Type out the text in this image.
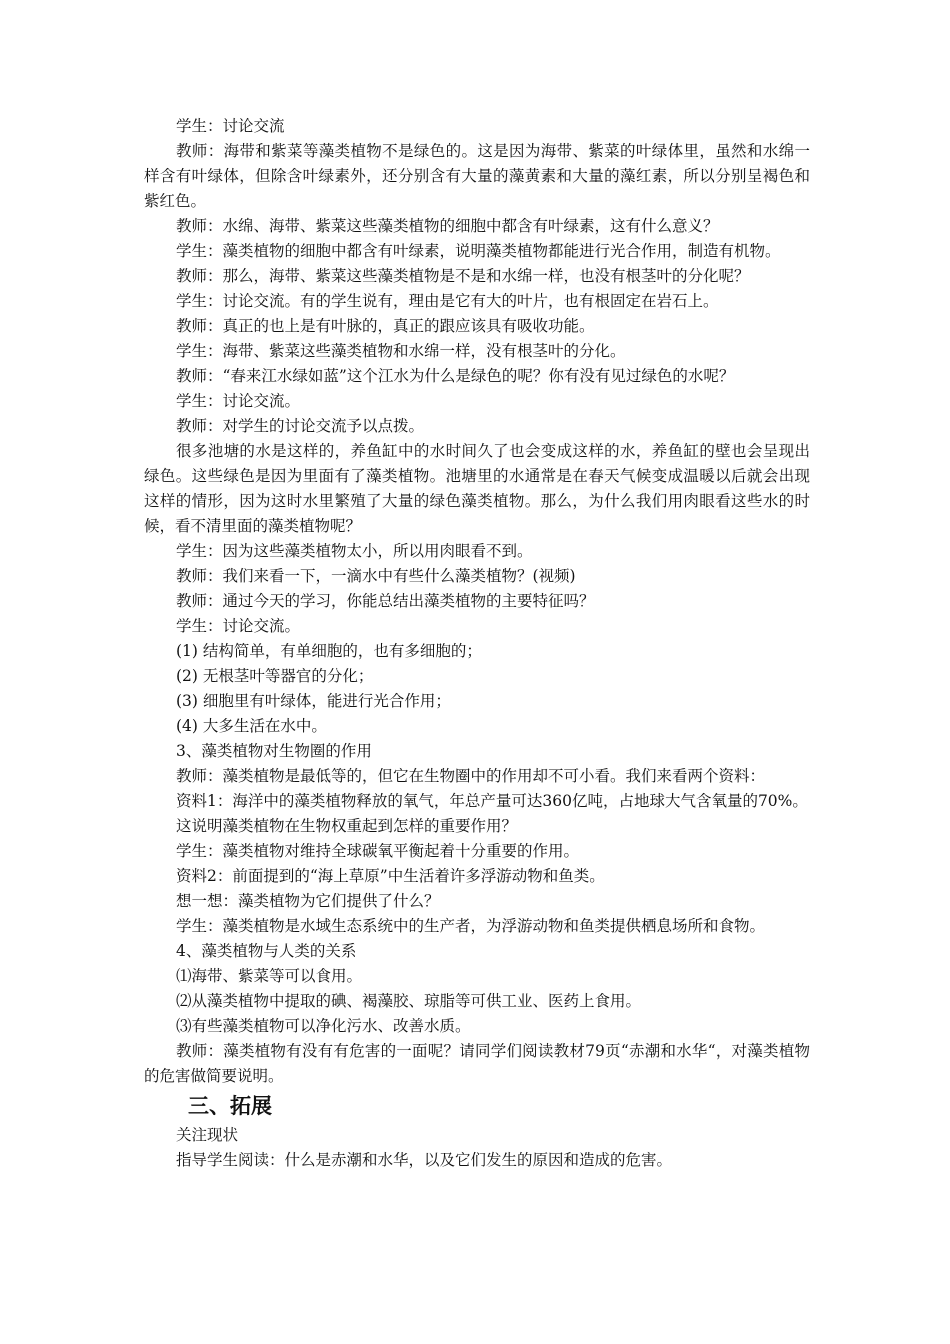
学生：讨论交流

教师：海带和紫菜等藻类植物不是绿色的。这是因为海带、紫菜的叶绿体里，虽然和水绵一样含有叶绿体，但除含叶绿素外，还分别含有大量的藻黄素和大量的藻红素，所以分别呈褐色和紫红色。

教师：水绵、海带、紫菜这些藻类植物的细胞中都含有叶绿素，这有什么意义？

学生：藻类植物的细胞中都含有叶绿素，说明藻类植物都能进行光合作用，制造有机物。

教师：那么，海带、紫菜这些藻类植物是不是和水绵一样，也没有根茎叶的分化呢？

学生：讨论交流。有的学生说有，理由是它有大的叶片，也有根固定在岩石上。

教师：真正的也上是有叶脉的，真正的跟应该具有吸收功能。

学生：海带、紫菜这些藻类植物和水绵一样，没有根茎叶的分化。

教师：“春来江水绿如蓝”这个江水为什么是绿色的呢？你有没有见过绿色的水呢？

学生：讨论交流。

教师：对学生的讨论交流予以点拨。

很多池塘的水是这样的，养鱼缸中的水时间久了也会变成这样的水，养鱼缸的壁也会呈现出绿色。这些绿色是因为里面有了藻类植物。池塘里的水通常是在春天气候变成温暖以后就会出现这样的情形，因为这时水里繁殖了大量的绿色藻类植物。那么，为什么我们用肉眼看这些水的时候，看不清里面的藻类植物呢？

学生：因为这些藻类植物太小，所以用肉眼看不到。

教师：我们来看一下，一滴水中有些什么藻类植物？(视频)

教师：通过今天的学习，你能总结出藻类植物的主要特征吗？

学生：讨论交流。

(1) 结构简单，有单细胞的，也有多细胞的；

(2) 无根茎叶等器官的分化；

(3) 细胞里有叶绿体，能进行光合作用；

(4) 大多生活在水中。

3、藻类植物对生物圈的作用

教师：藻类植物是最低等的，但它在生物圈中的作用却不可小看。我们来看两个资料：

资料1：海洋中的藻类植物释放的氧气，年总产量可达360亿吨，占地球大气含氧量的70%。

这说明藻类植物在生物权重起到怎样的重要作用？

学生：藻类植物对维持全球碳氧平衡起着十分重要的作用。

资料2：前面提到的“海上草原”中生活着许多浮游动物和鱼类。

想一想：藻类植物为它们提供了什么？

学生：藻类植物是水域生态系统中的生产者，为浮游动物和鱼类提供栖息场所和食物。

4、藻类植物与人类的关系

⑴海带、紫菜等可以食用。

⑵从藻类植物中提取的碘、褐藻胶、琼脂等可供工业、医药上食用。

⑶有些藻类植物可以净化污水、改善水质。

教师：藻类植物有没有有危害的一面呢？请同学们阅读教材79页“赤潮和水华“，对藻类植物的危害做简要说明。

三、拓展

关注现状

指导学生阅读：什么是赤潮和水华，以及它们发生的原因和造成的危害。
